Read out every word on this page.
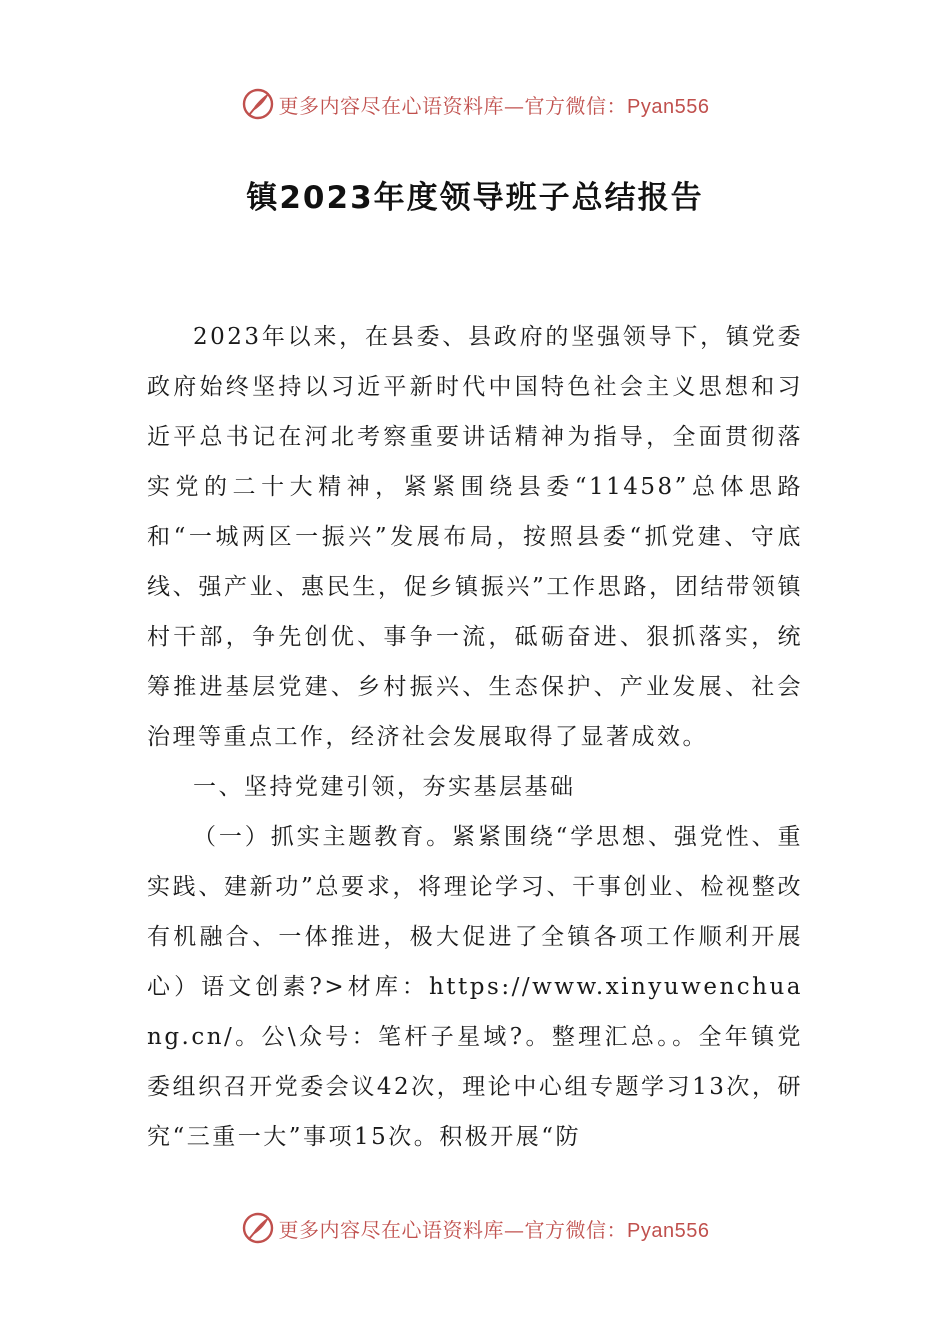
更多内容尽在心语资料库—官方微信：Pyan556
镇2023年度领导班子总结报告

2023年以来，在县委、县政府的坚强领导下，镇党委政府始终坚持以习近平新时代中国特色社会主义思想和习近平总书记在河北考察重要讲话精神为指导，全面贯彻落实党的二十大精神，紧紧围绕县委“11458”总体思路和“一城两区一振兴”发展布局，按照县委“抓党建、守底线、强产业、惠民生，促乡镇振兴”工作思路，团结带领镇村干部，争先创优、事争一流，砥砺奋进、狠抓落实，统筹推进基层党建、乡村振兴、生态保护、产业发展、社会治理等重点工作，经济社会发展取得了显著成效。

一、坚持党建引领，夯实基层基础

（一）抓实主题教育。紧紧围绕“学思想、强党性、重实践、建新功”总要求，将理论学习、干事创业、检视整改有机融合、一体推进，极大促进了全镇各项工作顺利开展心）语文创素?>材库：https://www.xinyuwenchuang.cn/。公\众号：笔杆子星域?。整理汇总。。全年镇党委组织召开党委会议42次，理论中心组专题学习13次，研究“三重一大”事项15次。积极开展“防

更多内容尽在心语资料库—官方微信：Pyan556
